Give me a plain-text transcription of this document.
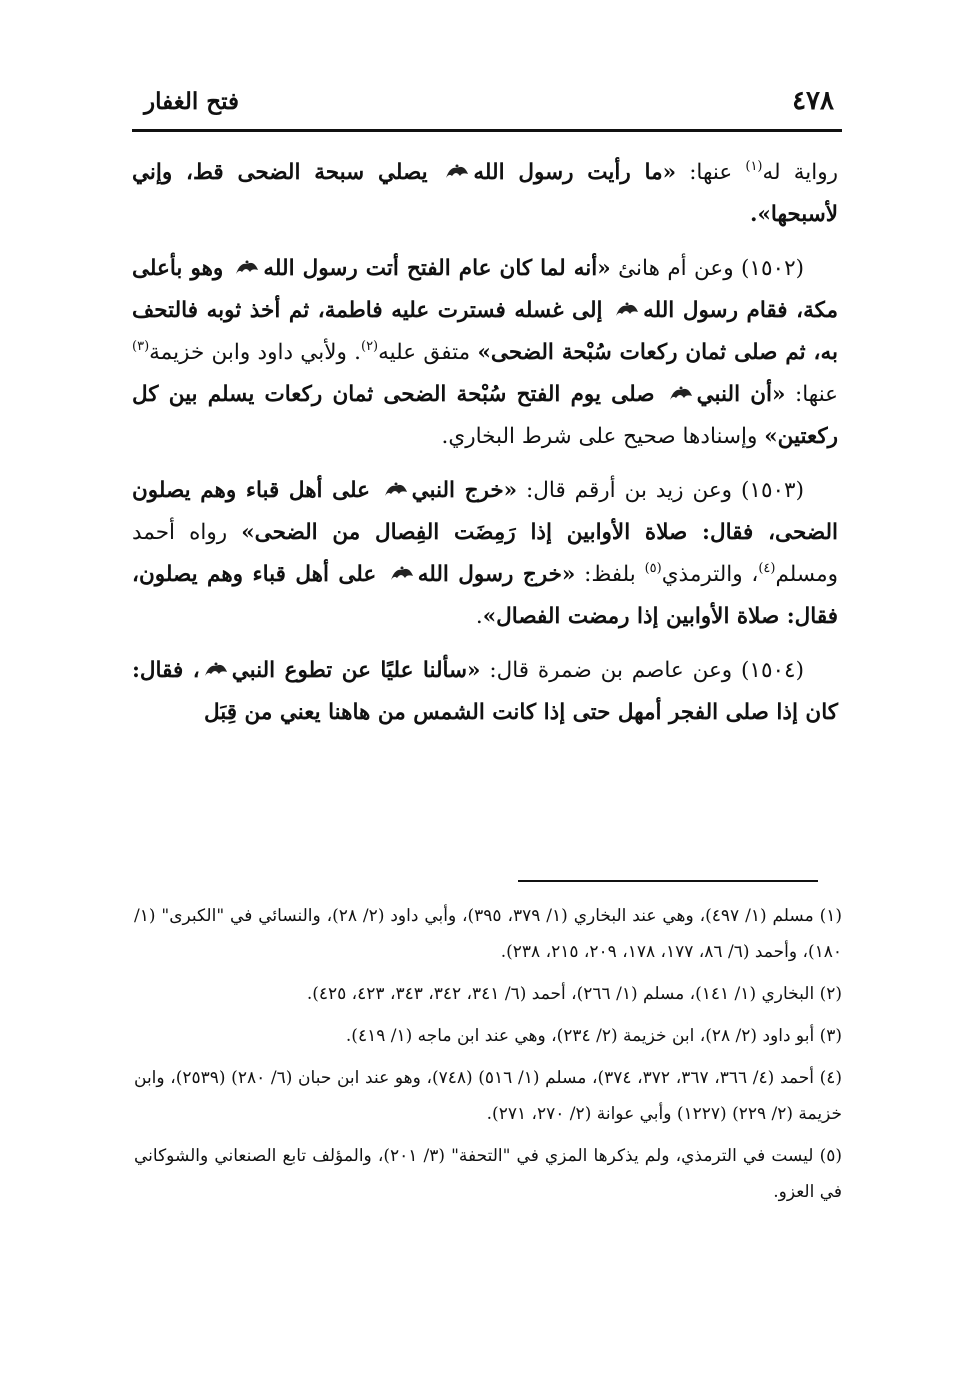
٤٧٨
فتح الغفار

رواية له$^{(١)}$ عنها: «ما رأيت رسول الله يصلي سبحة الضحى قط، وإني لأسبحها».

(١٥٠٢) وعن أم هانئ «أنه لما كان عام الفتح أتت رسول الله وهو بأعلى مكة، فقام رسول الله إلى غسله فسترت عليه فاطمة، ثم أخذ ثوبه فالتحف به، ثم صلى ثمان ركعات سُبْحة الضحى» متفق عليه$^{(٢)}$. ولأبي داود وابن خزيمة$^{(٣)}$ عنها: «أن النبي صلى يوم الفتح سُبْحة الضحى ثمان ركعات يسلم بين كل ركعتين» وإسنادها صحيح على شرط البخاري.

(١٥٠٣) وعن زيد بن أرقم قال: «خرج النبي على أهل قباء وهم يصلون الضحى، فقال: صلاة الأوابين إذا رَمِضَت الفِصال من الضحى» رواه أحمد ومسلم$^{(٤)}$، والترمذي$^{(٥)}$ بلفظ: «خرج رسول الله على أهل قباء وهم يصلون، فقال: صلاة الأوابين إذا رمضت الفصال».

(١٥٠٤) وعن عاصم بن ضمرة قال: «سألنا عليًا عن تطوع النبي، فقال: كان إذا صلى الفجر أمهل حتى إذا كانت الشمس من هاهنا يعني من قِبَل

(١) مسلم (١/ ٤٩٧)، وهي عند البخاري (١/ ٣٧٩، ٣٩٥)، وأبي داود (٢/ ٢٨)، والنسائي في "الكبرى" (١/ ١٨٠)، وأحمد (٦/ ٨٦، ١٧٧، ١٧٨، ٢٠٩، ٢١٥، ٢٣٨).

(٢) البخاري (١/ ١٤١)، مسلم (١/ ٢٦٦)، أحمد (٦/ ٣٤١، ٣٤٢، ٣٤٣، ٤٢٣، ٤٢٥).

(٣) أبو داود (٢/ ٢٨)، ابن خزيمة (٢/ ٢٣٤)، وهي عند ابن ماجه (١/ ٤١٩).

(٤) أحمد (٤/ ٣٦٦، ٣٦٧، ٣٧٢، ٣٧٤)، مسلم (١/ ٥١٦) (٧٤٨)، وهو عند ابن حبان (٦/ ٢٨٠) (٢٥٣٩)، وابن خزيمة (٢/ ٢٢٩) (١٢٢٧) وأبي عوانة (٢/ ٢٧٠، ٢٧١).

(٥) ليست في الترمذي، ولم يذكرها المزي في "التحفة" (٣/ ٢٠١)، والمؤلف تابع الصنعاني والشوكاني في العزو.
